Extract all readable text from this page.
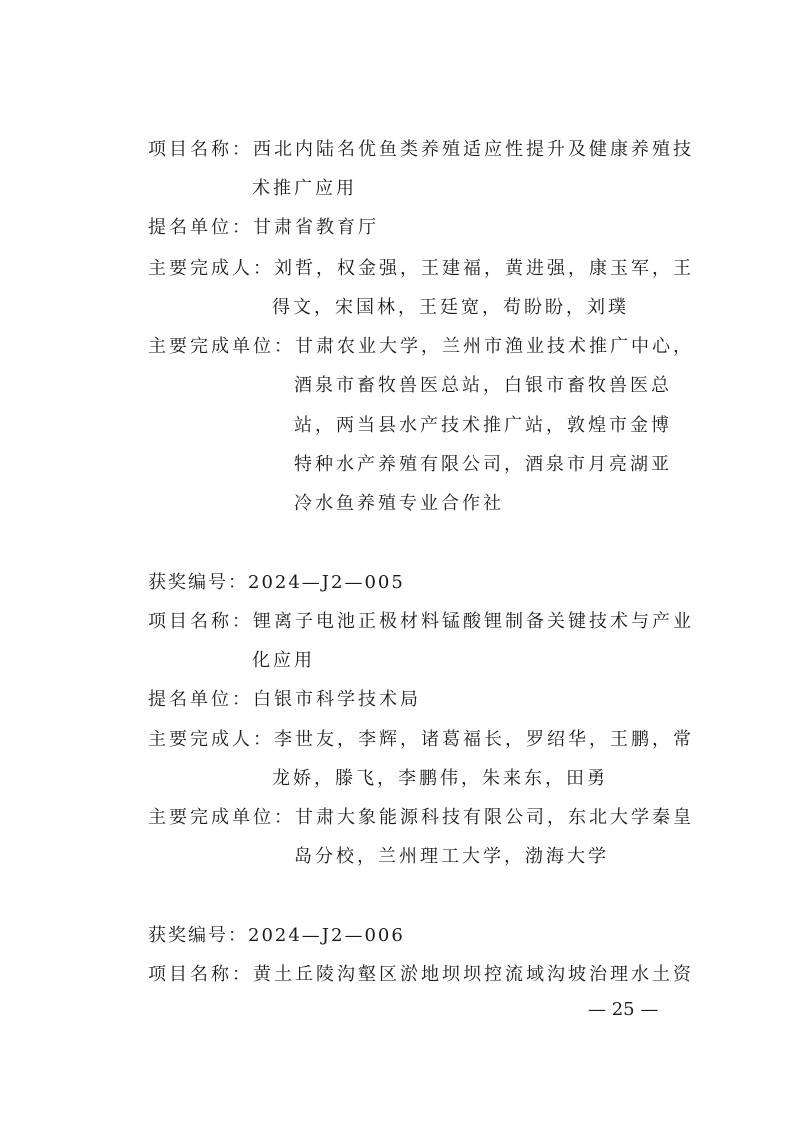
项目名称：西北内陆名优鱼类养殖适应性提升及健康养殖技
术推广应用
提名单位：甘肃省教育厅
主要完成人：刘哲，权金强，王建福，黄进强，康玉军，王
得文，宋国林，王廷宽，苟盼盼，刘璞
主要完成单位：甘肃农业大学，兰州市渔业技术推广中心，
酒泉市畜牧兽医总站，白银市畜牧兽医总
站，两当县水产技术推广站，敦煌市金博
特种水产养殖有限公司，酒泉市月亮湖亚
冷水鱼养殖专业合作社
获奖编号：2024—J2—005
项目名称：锂离子电池正极材料锰酸锂制备关键技术与产业
化应用
提名单位：白银市科学技术局
主要完成人：李世友，李辉，诸葛福长，罗绍华，王鹏，常
龙娇，滕飞，李鹏伟，朱来东，田勇
主要完成单位：甘肃大象能源科技有限公司，东北大学秦皇
岛分校，兰州理工大学，渤海大学
获奖编号：2024—J2—006
项目名称：黄土丘陵沟壑区淤地坝坝控流域沟坡治理水土资
— 25 —
